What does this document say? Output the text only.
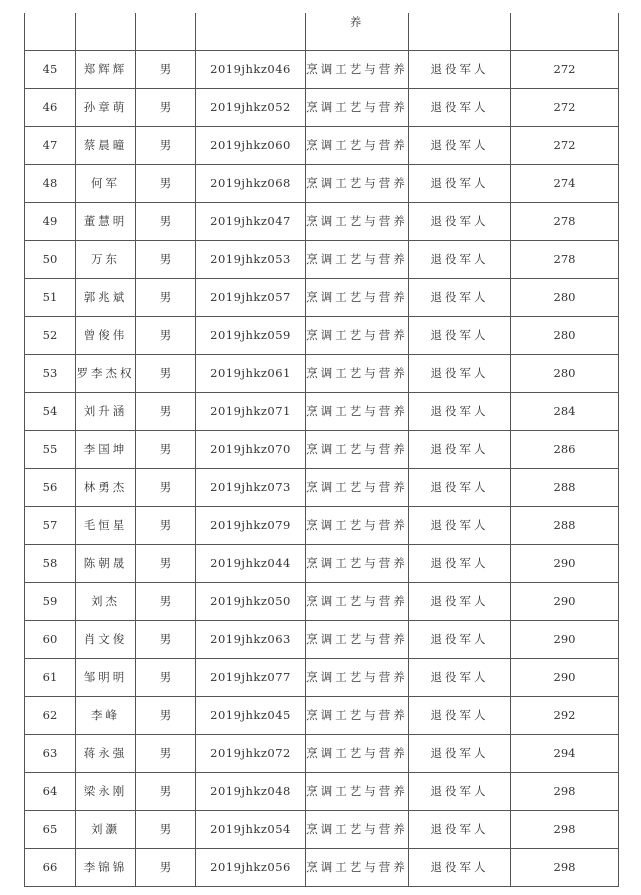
				养		
45	郑辉辉	男	2019jhkz046	烹调工艺与营养	退役军人	272
46	孙章萌	男	2019jhkz052	烹调工艺与营养	退役军人	272
47	蔡晨曈	男	2019jhkz060	烹调工艺与营养	退役军人	272
48	何军	男	2019jhkz068	烹调工艺与营养	退役军人	274
49	董慧明	男	2019jhkz047	烹调工艺与营养	退役军人	278
50	万东	男	2019jhkz053	烹调工艺与营养	退役军人	278
51	郭兆斌	男	2019jhkz057	烹调工艺与营养	退役军人	280
52	曾俊伟	男	2019jhkz059	烹调工艺与营养	退役军人	280
53	罗李杰权	男	2019jhkz061	烹调工艺与营养	退役军人	280
54	刘升涵	男	2019jhkz071	烹调工艺与营养	退役军人	284
55	李国坤	男	2019jhkz070	烹调工艺与营养	退役军人	286
56	林勇杰	男	2019jhkz073	烹调工艺与营养	退役军人	288
57	毛恒星	男	2019jhkz079	烹调工艺与营养	退役军人	288
58	陈朝晟	男	2019jhkz044	烹调工艺与营养	退役军人	290
59	刘杰	男	2019jhkz050	烹调工艺与营养	退役军人	290
60	肖文俊	男	2019jhkz063	烹调工艺与营养	退役军人	290
61	邹明明	男	2019jhkz077	烹调工艺与营养	退役军人	290
62	李峰	男	2019jhkz045	烹调工艺与营养	退役军人	292
63	蒋永强	男	2019jhkz072	烹调工艺与营养	退役军人	294
64	梁永刚	男	2019jhkz048	烹调工艺与营养	退役军人	298
65	刘灏	男	2019jhkz054	烹调工艺与营养	退役军人	298
66	李锦锦	男	2019jhkz056	烹调工艺与营养	退役军人	298
